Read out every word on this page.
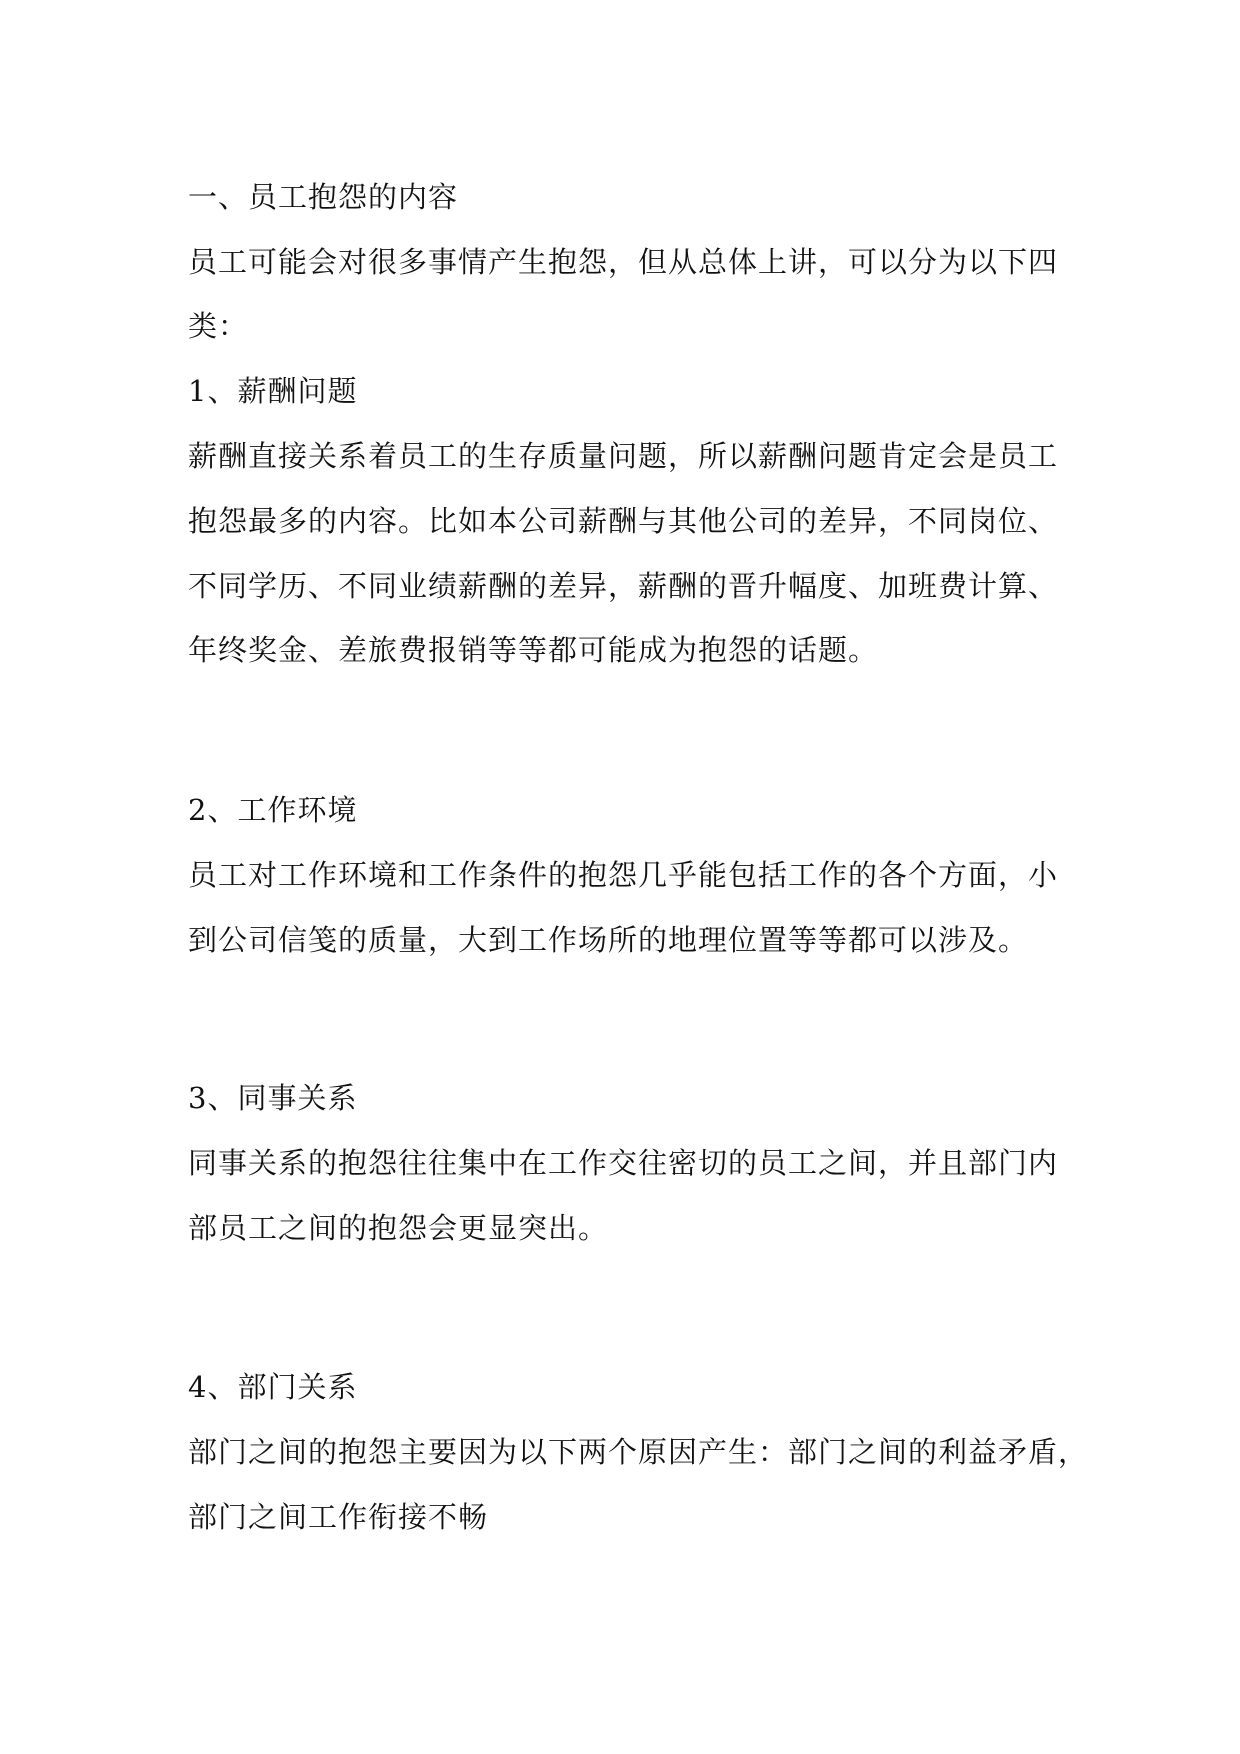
一、员工抱怨的内容
员工可能会对很多事情产生抱怨，但从总体上讲，可以分为以下四
类：
1、薪酬问题
薪酬直接关系着员工的生存质量问题，所以薪酬问题肯定会是员工
抱怨最多的内容。比如本公司薪酬与其他公司的差异，不同岗位、
不同学历、不同业绩薪酬的差异，薪酬的晋升幅度、加班费计算、
年终奖金、差旅费报销等等都可能成为抱怨的话题。
2、工作环境
员工对工作环境和工作条件的抱怨几乎能包括工作的各个方面，小
到公司信笺的质量，大到工作场所的地理位置等等都可以涉及。
3、同事关系
同事关系的抱怨往往集中在工作交往密切的员工之间，并且部门内
部员工之间的抱怨会更显突出。
4、部门关系
部门之间的抱怨主要因为以下两个原因产生：部门之间的利益矛盾，
部门之间工作衔接不畅
